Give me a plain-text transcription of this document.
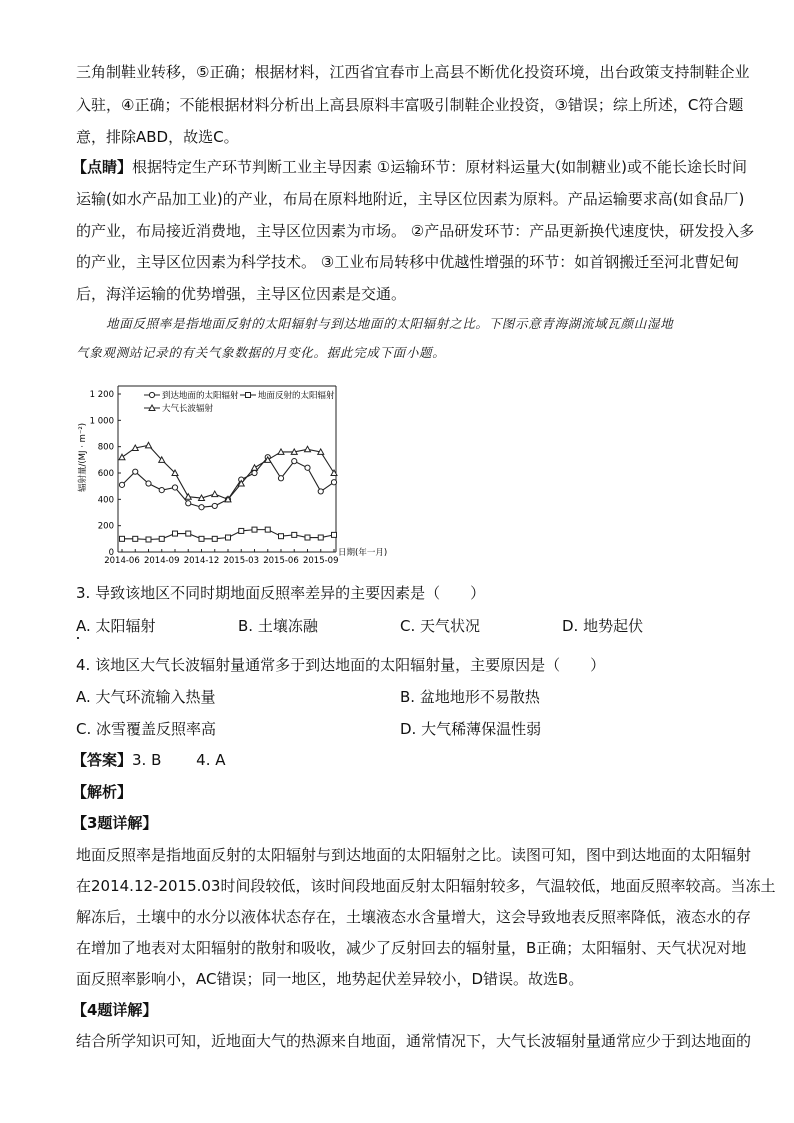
三角制鞋业转移，⑤正确；根据材料，江西省宜春市上高县不断优化投资环境，出台政策支持制鞋企业
入驻，④正确；不能根据材料分析出上高县原料丰富吸引制鞋企业投资，③错误；综上所述，C符合题
意，排除ABD，故选C。
【点睛】根据特定生产环节判断工业主导因素 ①运输环节：原材料运量大(如制糖业)或不能长途长时间
运输(如水产品加工业)的产业，布局在原料地附近，主导区位因素为原料。产品运输要求高(如食品厂)
的产业，布局接近消费地，主导区位因素为市场。 ②产品研发环节：产品更新换代速度快，研发投入多
的产业，主导区位因素为科学技术。 ③工业布局转移中优越性增强的环节：如首钢搬迁至河北曹妃甸
后，海洋运输的优势增强，主导区位因素是交通。
地面反照率是指地面反射的太阳辐射与到达地面的太阳辐射之比。下图示意青海湖流域瓦颜山湿地
气象观测站记录的有关气象数据的月变化。据此完成下面小题。
0
200
400
600
800
1 000
1 200
2014-06 2014-09 2014-12 2015-03 2015-06 2015-09
到达地面的太阳辐射 地面反射的太阳辐射
大气长波辐射
辐射量/(MJ · m⁻²)
日期(年一月)
3. 导致该地区不同时期地面反照率差异的主要因素是（　　）
A. 太阳辐射	B. 土壤冻融	C. 天气状况	D. 地势起伏
4. 该地区大气长波辐射量通常多于到达地面的太阳辐射量，主要原因是（　　）
A. 大气环流输入热量	B. 盆地地形不易散热
C. 冰雪覆盖反照率高	D. 大气稀薄保温性弱
【答案】3. B　　 4. A
【解析】
【3题详解】
地面反照率是指地面反射的太阳辐射与到达地面的太阳辐射之比。读图可知，图中到达地面的太阳辐射
在2014.12-2015.03时间段较低，该时间段地面反射太阳辐射较多，气温较低，地面反照率较高。当冻土
解冻后，土壤中的水分以液体状态存在，土壤液态水含量增大，这会导致地表反照率降低，液态水的存
在增加了地表对太阳辐射的散射和吸收，减少了反射回去的辐射量，B正确；太阳辐射、天气状况对地
面反照率影响小，AC错误；同一地区，地势起伏差异较小，D错误。故选B。
【4题详解】
结合所学知识可知，近地面大气的热源来自地面，通常情况下，大气长波辐射量通常应少于到达地面的
